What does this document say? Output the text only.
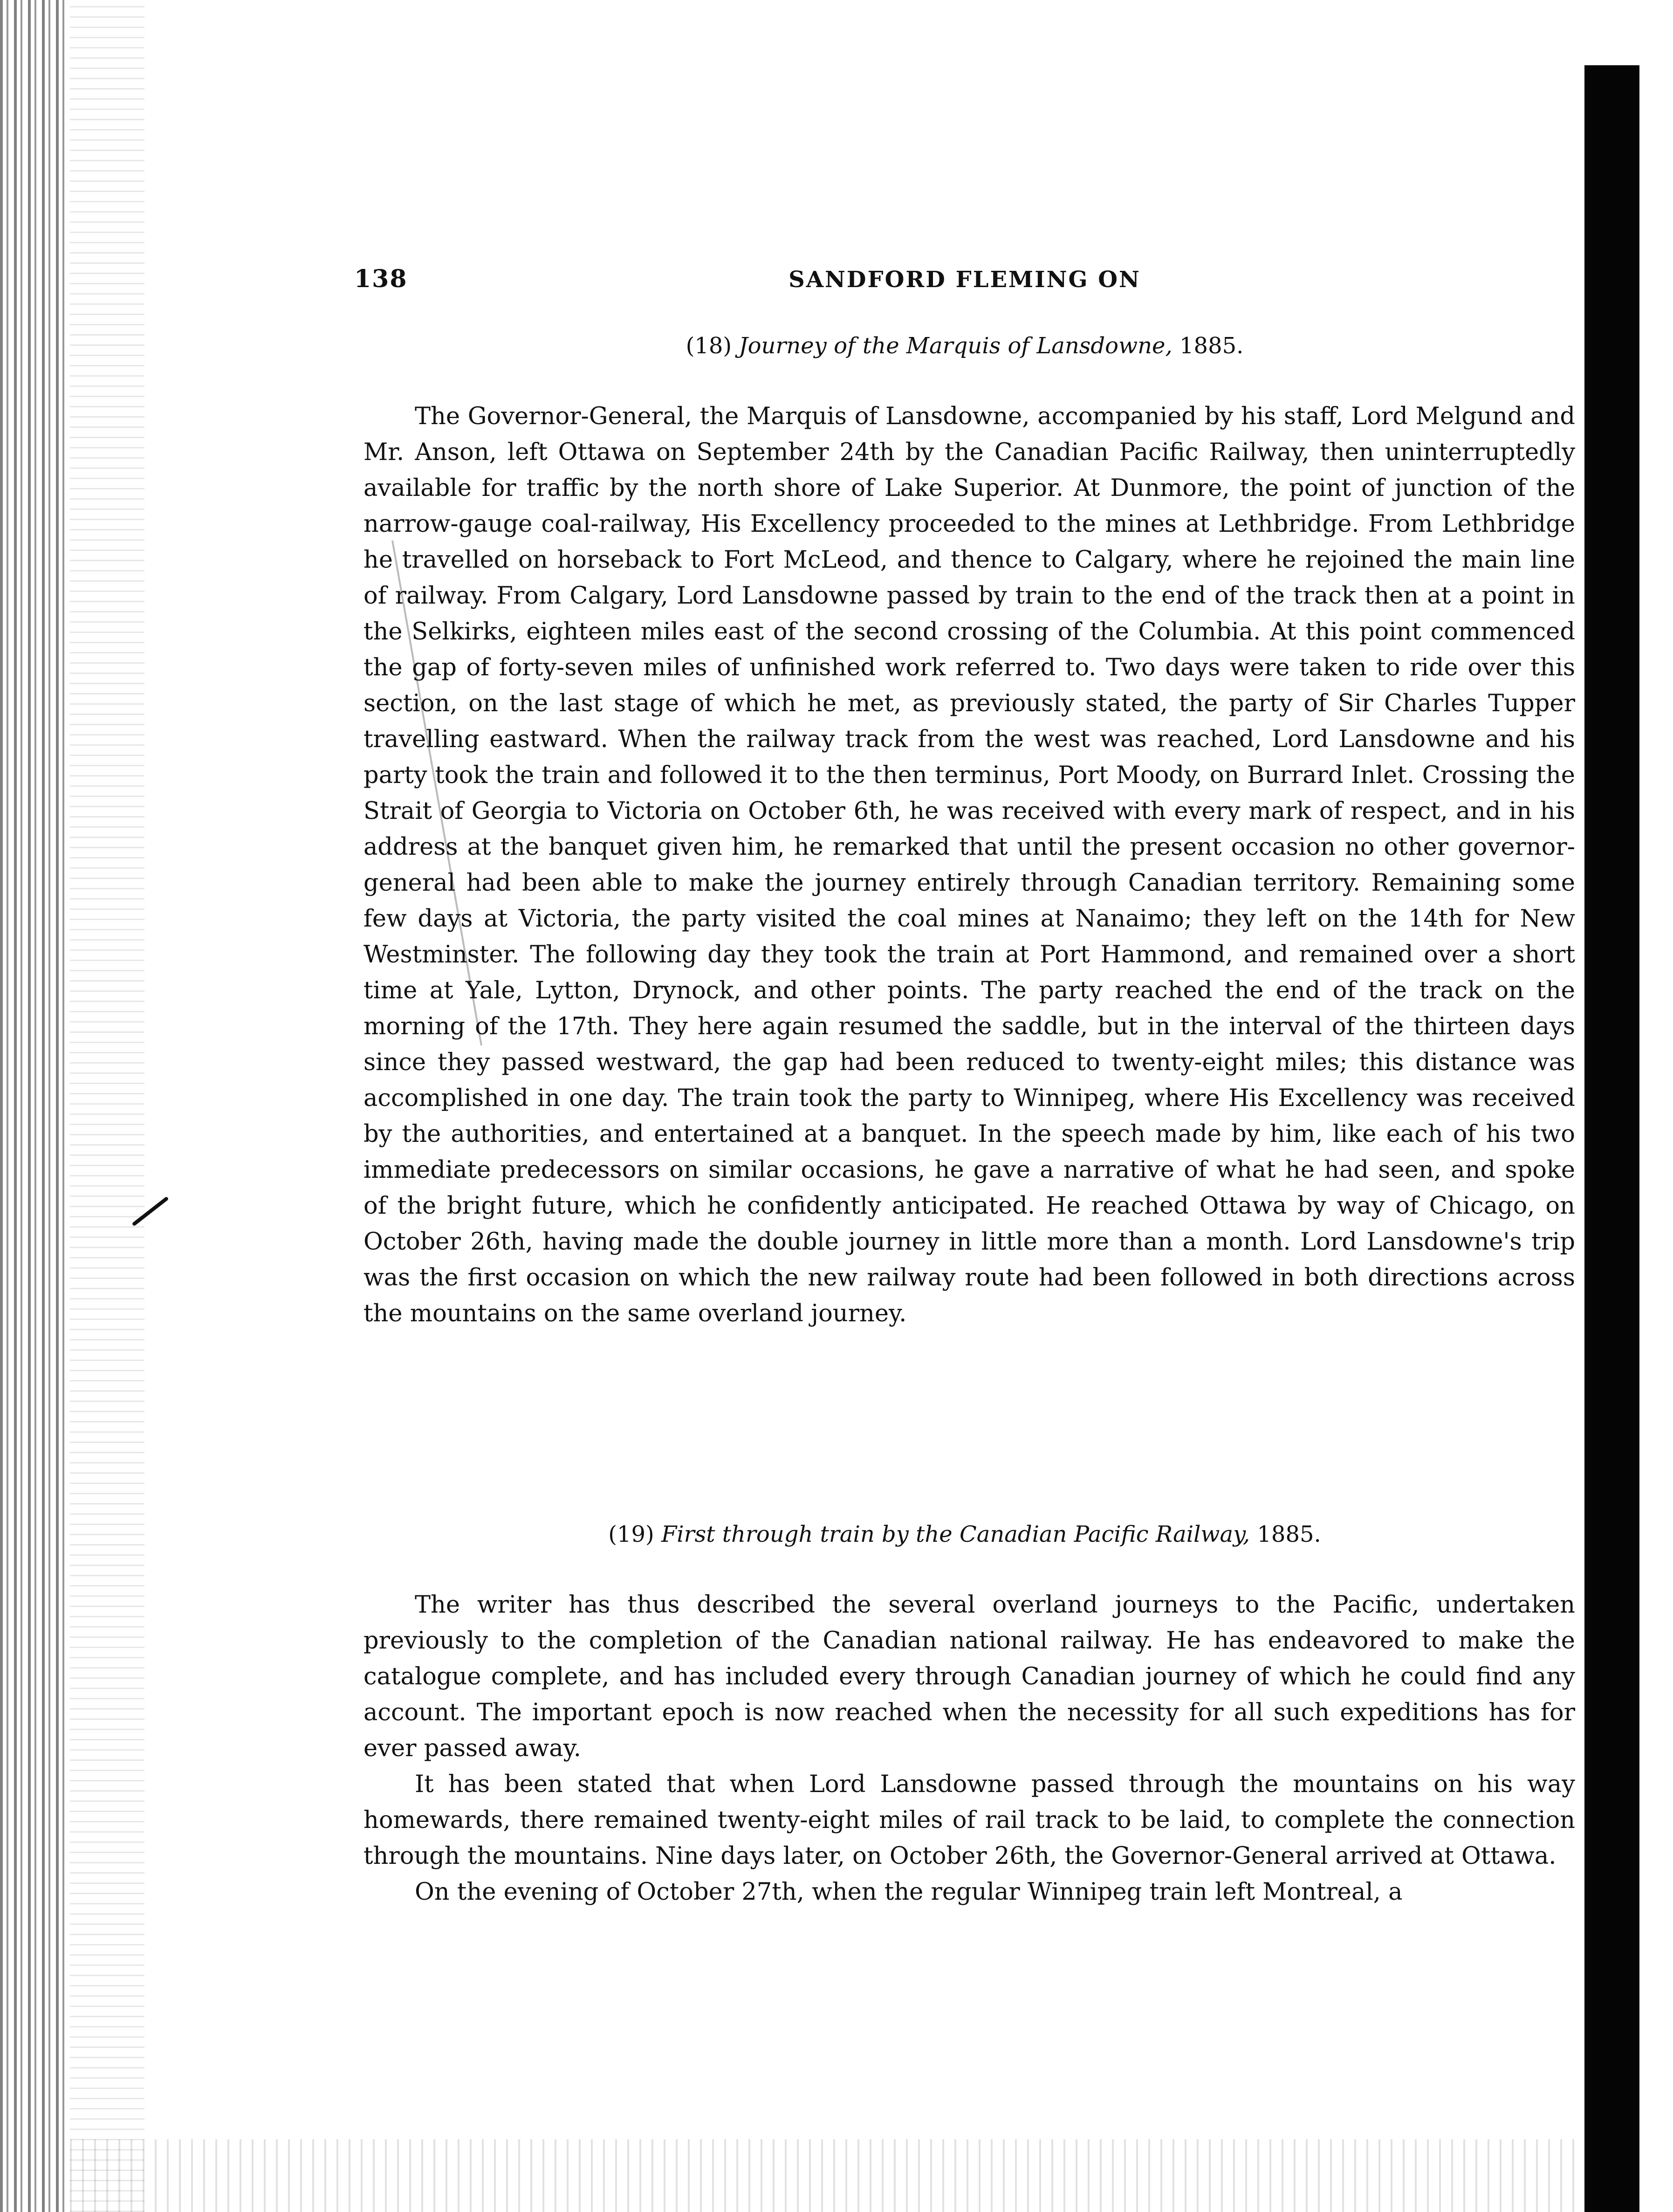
138	SANDFORD FLEMING ON
(18) Journey of the Marquis of Lansdowne, 1885.

The Governor-General, the Marquis of Lansdowne, accompanied by his staff, Lord Melgund and Mr. Anson, left Ottawa on September 24th by the Canadian Pacific Railway, then uninterruptedly available for traffic by the north shore of Lake Superior. At Dunmore, the point of junction of the narrow-gauge coal-railway, His Excellency proceeded to the mines at Lethbridge. From Lethbridge he travelled on horseback to Fort McLeod, and thence to Calgary, where he rejoined the main line of railway. From Calgary, Lord Lansdowne passed by train to the end of the track then at a point in the Selkirks, eighteen miles east of the second crossing of the Columbia. At this point commenced the gap of forty-seven miles of unfinished work referred to. Two days were taken to ride over this section, on the last stage of which he met, as previously stated, the party of Sir Charles Tupper travelling eastward. When the railway track from the west was reached, Lord Lansdowne and his party took the train and followed it to the then terminus, Port Moody, on Burrard Inlet. Crossing the Strait of Georgia to Victoria on October 6th, he was received with every mark of respect, and in his address at the banquet given him, he remarked that until the present occasion no other governor-general had been able to make the journey entirely through Canadian territory. Remaining some few days at Victoria, the party visited the coal mines at Nanaimo; they left on the 14th for New Westminster. The following day they took the train at Port Hammond, and remained over a short time at Yale, Lytton, Drynock, and other points. The party reached the end of the track on the morning of the 17th. They here again resumed the saddle, but in the interval of the thirteen days since they passed westward, the gap had been reduced to twenty-eight miles; this distance was accomplished in one day. The train took the party to Winnipeg, where His Excellency was received by the authorities, and entertained at a banquet. In the speech made by him, like each of his two immediate predecessors on similar occasions, he gave a narrative of what he had seen, and spoke of the bright future, which he confidently anticipated. He reached Ottawa by way of Chicago, on October 26th, having made the double journey in little more than a month. Lord Lansdowne's trip was the first occasion on which the new railway route had been followed in both directions across the mountains on the same overland journey.

(19) First through train by the Canadian Pacific Railway, 1885.

The writer has thus described the several overland journeys to the Pacific, undertaken previously to the completion of the Canadian national railway. He has endeavored to make the catalogue complete, and has included every through Canadian journey of which he could find any account. The important epoch is now reached when the necessity for all such expeditions has for ever passed away.

It has been stated that when Lord Lansdowne passed through the mountains on his way homewards, there remained twenty-eight miles of rail track to be laid, to complete the connection through the mountains. Nine days later, on October 26th, the Governor-General arrived at Ottawa.

On the evening of October 27th, when the regular Winnipeg train left Montreal, a
